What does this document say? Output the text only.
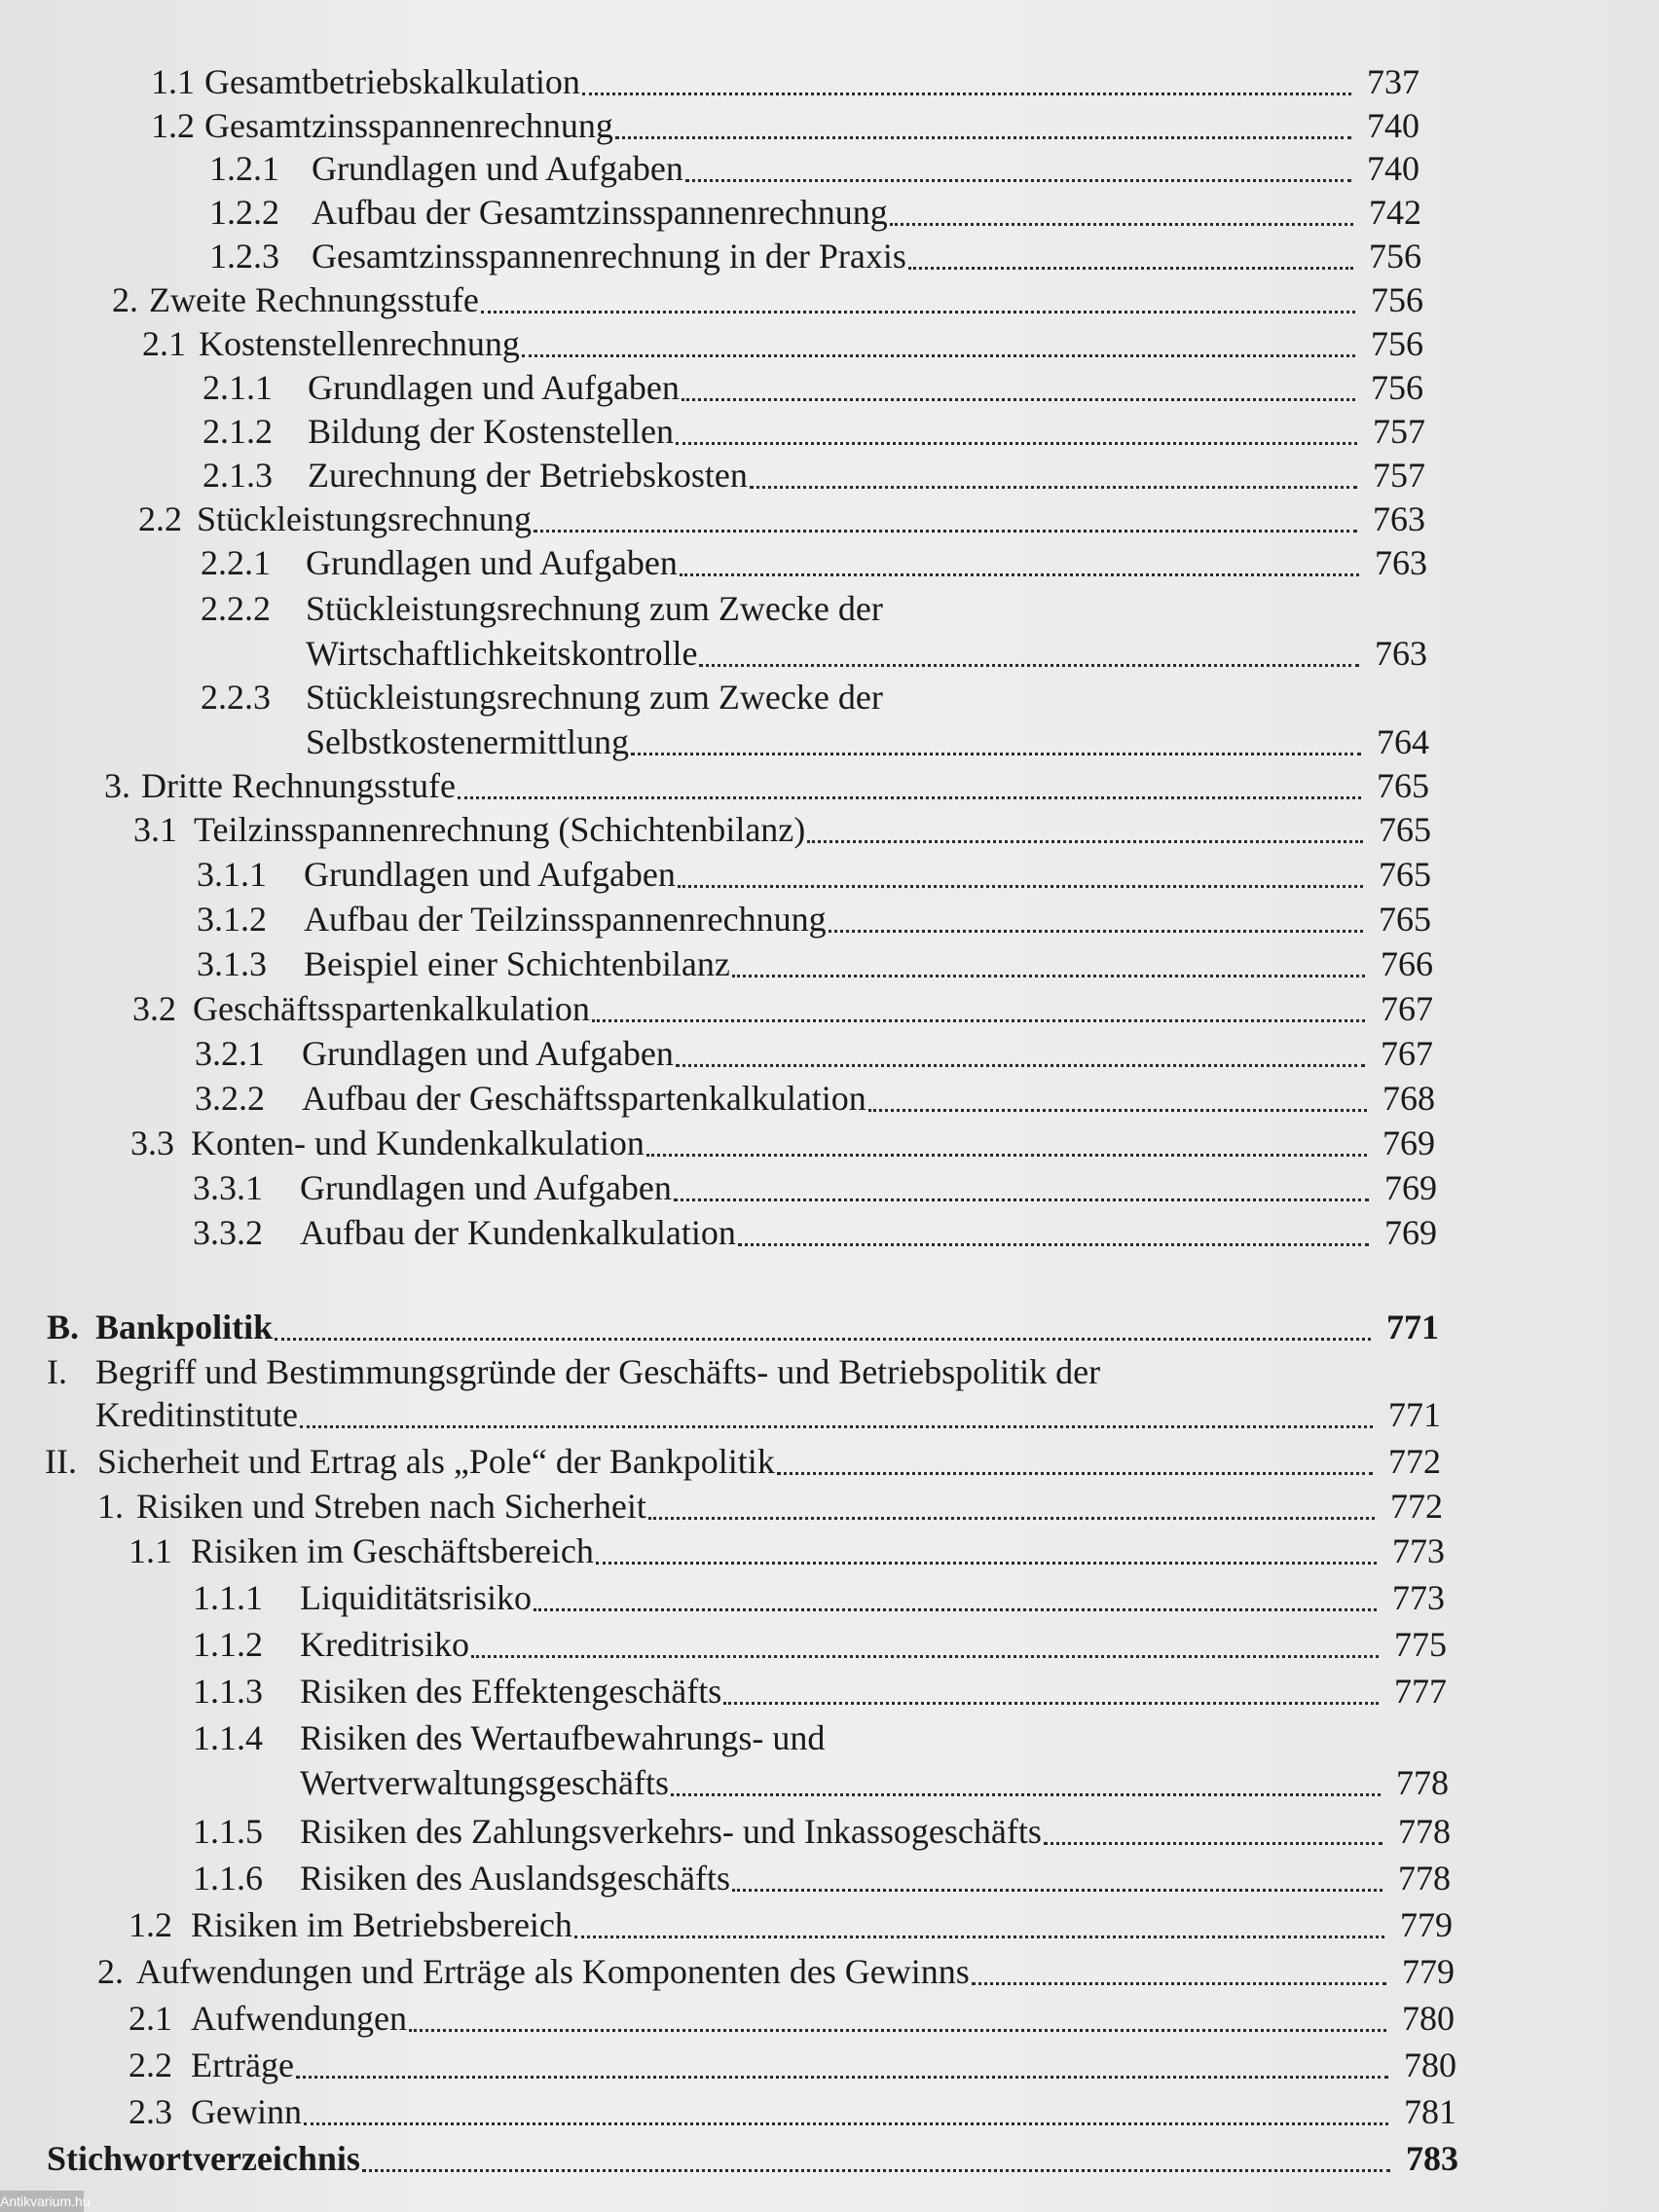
1.1 Gesamtbetriebskalkulation	737
1.2 Gesamtzinsspannenrechnung	740
1.2.1 Grundlagen und Aufgaben	740
1.2.2 Aufbau der Gesamtzinsspannenrechnung	742
1.2.3 Gesamtzinsspannenrechnung in der Praxis	756
2. Zweite Rechnungsstufe	756
2.1 Kostenstellenrechnung	756
2.1.1	Grundlagen und Aufgaben	756
2.1.2	Bildung der Kostenstellen	757
2.1.3	Zurechnung der Betriebskosten	757
2.2 Stückleistungsrechnung	763
2.2.1	Grundlagen und Aufgaben	763
2.2.2	Stückleistungsrechnung zum Zwecke der
Wirtschaftlichkeitskontrolle	763
2.2.3	Stückleistungsrechnung zum Zwecke der
Selbstkostenermittlung	764
3. Dritte Rechnungsstufe	765
3.1 Teilzinsspannenrechnung (Schichtenbilanz)	765
3.1.1	Grundlagen und Aufgaben	765
3.1.2	Aufbau der Teilzinsspannenrechnung	765
3.1.3	Beispiel einer Schichtenbilanz	766
3.2 Geschäftsspartenkalkulation	767
3.2.1	Grundlagen und Aufgaben	767
3.2.2	Aufbau der Geschäftsspartenkalkulation	768
3.3 Konten- und Kundenkalkulation	769
3.3.1	Grundlagen und Aufgaben	769
3.3.2	Aufbau der Kundenkalkulation	769
B. Bankpolitik	771
I. Begriff und Bestimmungsgründe der Geschäfts- und Betriebspolitik der
Kreditinstitute	771
II. Sicherheit und Ertrag als „Pole“ der Bankpolitik	772
1. Risiken und Streben nach Sicherheit	772
1.1 Risiken im Geschäftsbereich	773
1.1.1	Liquiditätsrisiko	773
1.1.2	Kreditrisiko	775
1.1.3	Risiken des Effektengeschäfts	777
1.1.4	Risiken des Wertaufbewahrungs- und
Wertverwaltungsgeschäfts	778
1.1.5	Risiken des Zahlungsverkehrs- und Inkassogeschäfts	778
1.1.6	Risiken des Auslandsgeschäfts	778
1.2 Risiken im Betriebsbereich	779
2. Aufwendungen und Erträge als Komponenten des Gewinns	779
2.1 Aufwendungen	780
2.2 Erträge	780
2.3 Gewinn	781
Stichwortverzeichnis	783
Antikvarium.hu
